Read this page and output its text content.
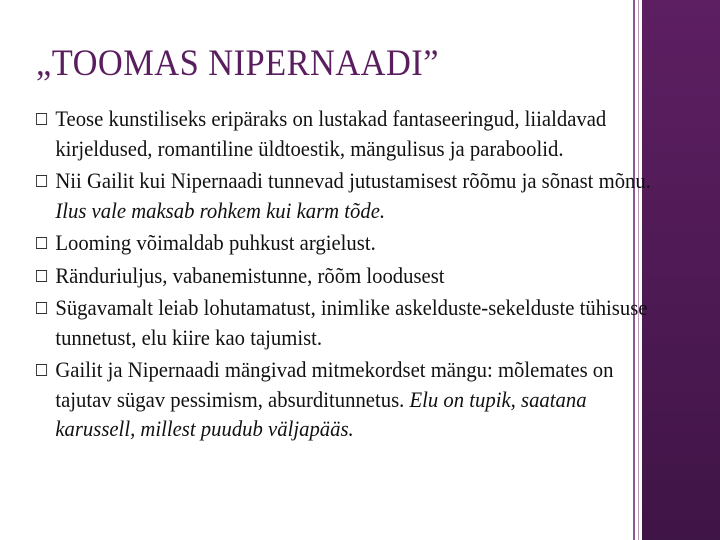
„TOOMAS NIPERNAADI”
Teose kunstiliseks eripäraks on lustakad fantaseeringud, liialdavad kirjeldused, romantiline üldtoestik, mängulisus ja paraboolid.
Nii Gailit kui Nipernaadi tunnevad jutustamisest rõõmu ja sõnast mõnu. Ilus vale maksab rohkem kui karm tõde.
Looming võimaldab puhkust argielust.
Ränduriuljus, vabanemistunne, rõõm loodusest
Sügavamalt leiab lohutamatust, inimlike askelduste-sekelduste tühisuse tunnetust, elu kiire kao tajumist.
Gailit ja Nipernaadi mängivad mitmekordset mängu: mõlemates on tajutav sügav pessimism, absurditunnetus. Elu on tupik, saatana karussell, millest puudub väljapääs.
